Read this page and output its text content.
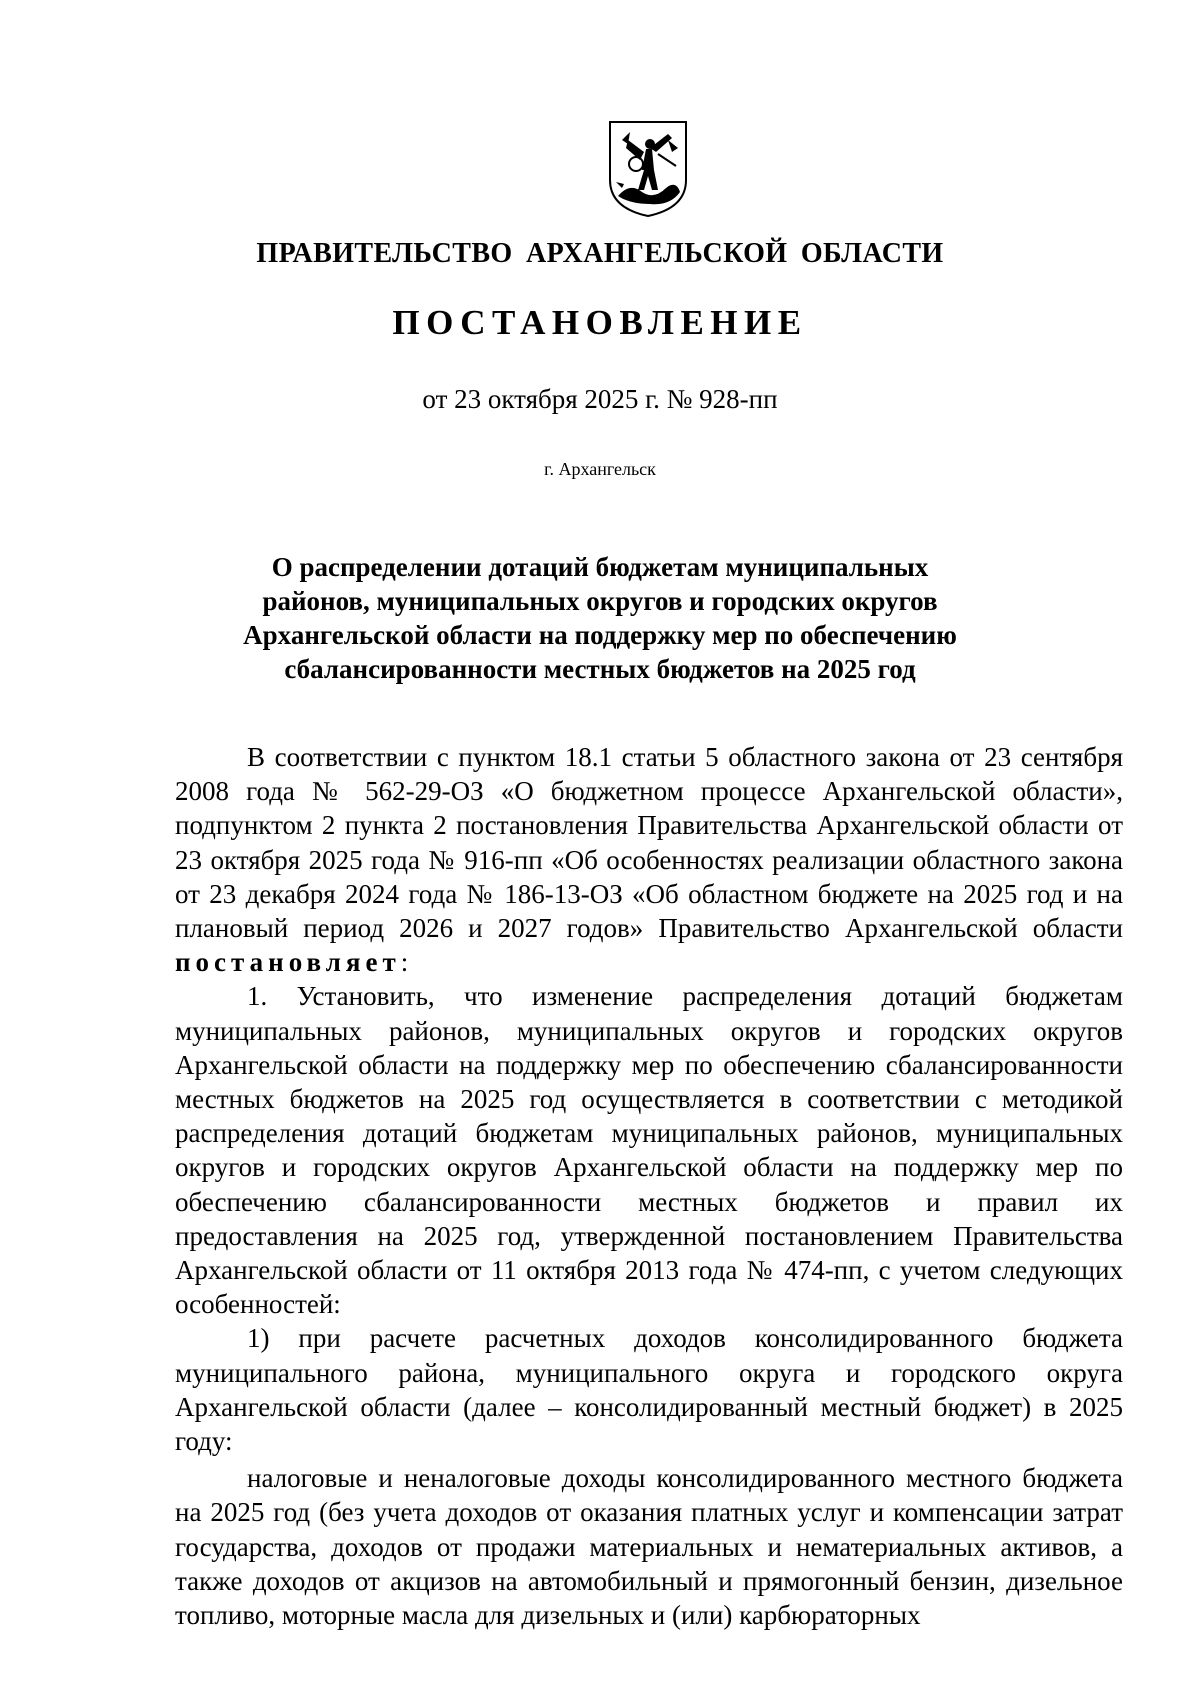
ПРАВИТЕЛЬСТВО АРХАНГЕЛЬСКОЙ ОБЛАСТИ
ПОСТАНОВЛЕНИЕ
от 23 октября 2025 г. № 928-пп
г. Архангельск
О распределении дотаций бюджетам муниципальных районов, муниципальных округов и городских округов Архангельской области на поддержку мер по обеспечению сбалансированности местных бюджетов на 2025 год

В соответствии с пунктом 18.1 статьи 5 областного закона от 23 сентября 2008 года № 562-29-ОЗ «О бюджетном процессе Архангельской области», подпунктом 2 пункта 2 постановления Правительства Архангельской области от 23 октября 2025 года № 916-пп «Об особенностях реализации областного закона от 23 декабря 2024 года № 186-13-ОЗ «Об областном бюджете на 2025 год и на плановый период 2026 и 2027 годов» Правительство Архангельской области постановляет:

1. Установить, что изменение распределения дотаций бюджетам муниципальных районов, муниципальных округов и городских округов Архангельской области на поддержку мер по обеспечению сбалансированности местных бюджетов на 2025 год осуществляется в соответствии с методикой распределения дотаций бюджетам муниципальных районов, муниципальных округов и городских округов Архангельской области на поддержку мер по обеспечению сбалансированности местных бюджетов и правил их предоставления на 2025 год, утвержденной постановлением Правительства Архангельской области от 11 октября 2013 года № 474-пп, с учетом следующих особенностей:

1) при расчете расчетных доходов консолидированного бюджета муниципального района, муниципального округа и городского округа Архангельской области (далее – консолидированный местный бюджет) в 2025 году:

налоговые и неналоговые доходы консолидированного местного бюджета на 2025 год (без учета доходов от оказания платных услуг и компенсации затрат государства, доходов от продажи материальных и нематериальных активов, а также доходов от акцизов на автомобильный и прямогонный бензин, дизельное топливо, моторные масла для дизельных и (или) карбюраторных
